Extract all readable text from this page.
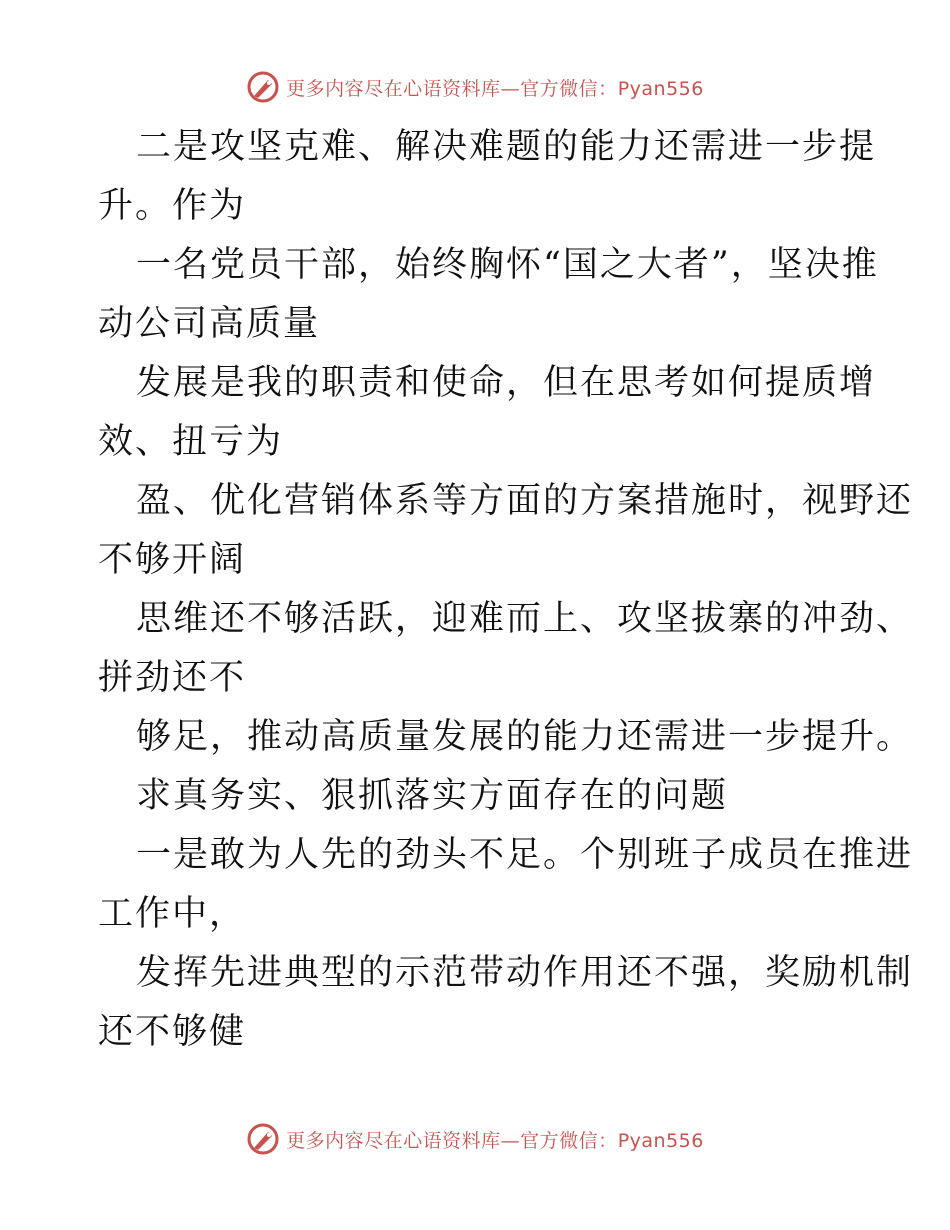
更多内容尽在心语资料库—官方微信：Pyan556
二是攻坚克难、解决难题的能力还需进一步提
升。作为
一名党员干部，始终胸怀“国之大者”，坚决推
动公司高质量
发展是我的职责和使命，但在思考如何提质增
效、扭亏为
盈、优化营销体系等方面的方案措施时，视野还
不够开阔
思维还不够活跃，迎难而上、攻坚拔寨的冲劲、
拼劲还不
够足，推动高质量发展的能力还需进一步提升。
求真务实、狠抓落实方面存在的问题
一是敢为人先的劲头不足。个别班子成员在推进
工作中，
发挥先进典型的示范带动作用还不强，奖励机制
还不够健
更多内容尽在心语资料库—官方微信：Pyan556
